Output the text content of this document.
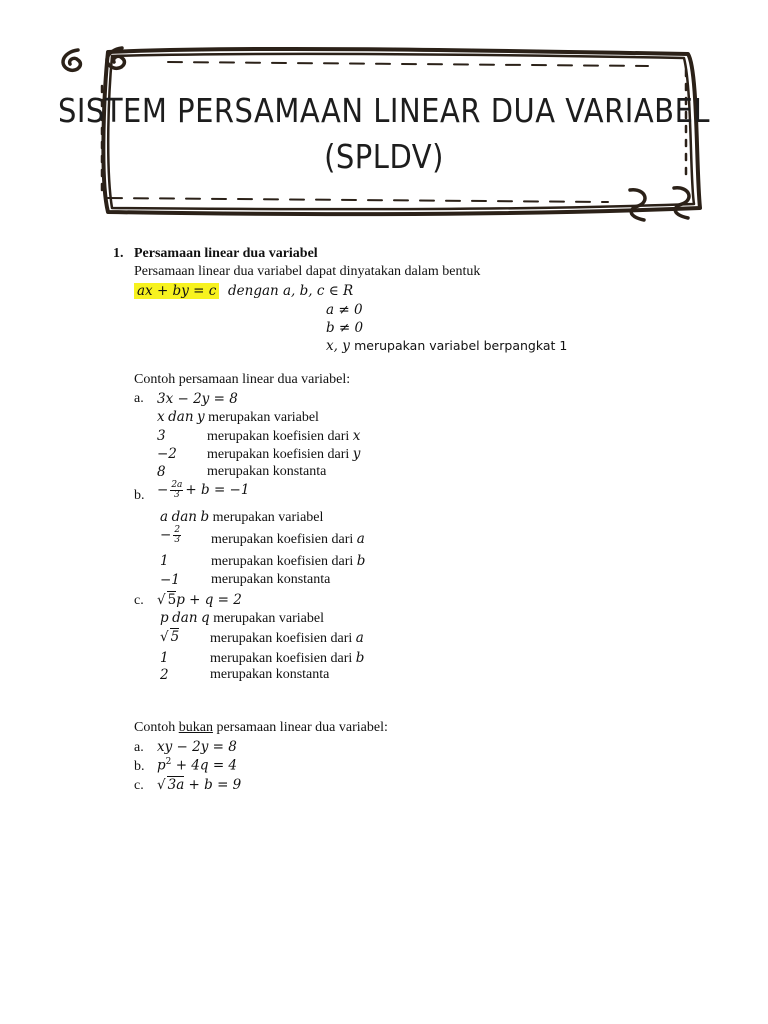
SISTEM PERSAMAAN LINEAR DUA VARIABEL
(SPLDV)
1. Persamaan linear dua variabel
Persamaan linear dua variabel dapat dinyatakan dalam bentuk
ax + by = c dengan a, b, c ∈ R
a ≠ 0
b ≠ 0
x, y merupakan variabel berpangkat 1
Contoh persamaan linear dua variabel:
a. 3x − 2y = 8
x dan y merupakan variabel
3	merupakan koefisien dari x
−2 merupakan koefisien dari y
8	merupakan konstanta
b. − $\frac{2a}{3} + b = -1$
a dan b merupakan variabel
− $\frac{2}{3}$ merupakan koefisien dari a
1	merupakan koefisien dari b
−1 merupakan konstanta
c. √ 5p + q = 2
p dan q merupakan variabel
√ 5 merupakan koefisien dari a
1	merupakan koefisien dari b
2	merupakan konstanta
Contoh bukan persamaan linear dua variabel:
a. xy − 2y = 8
b. $p^2 + 4q = 4$
c. √ 3a + b = 9
